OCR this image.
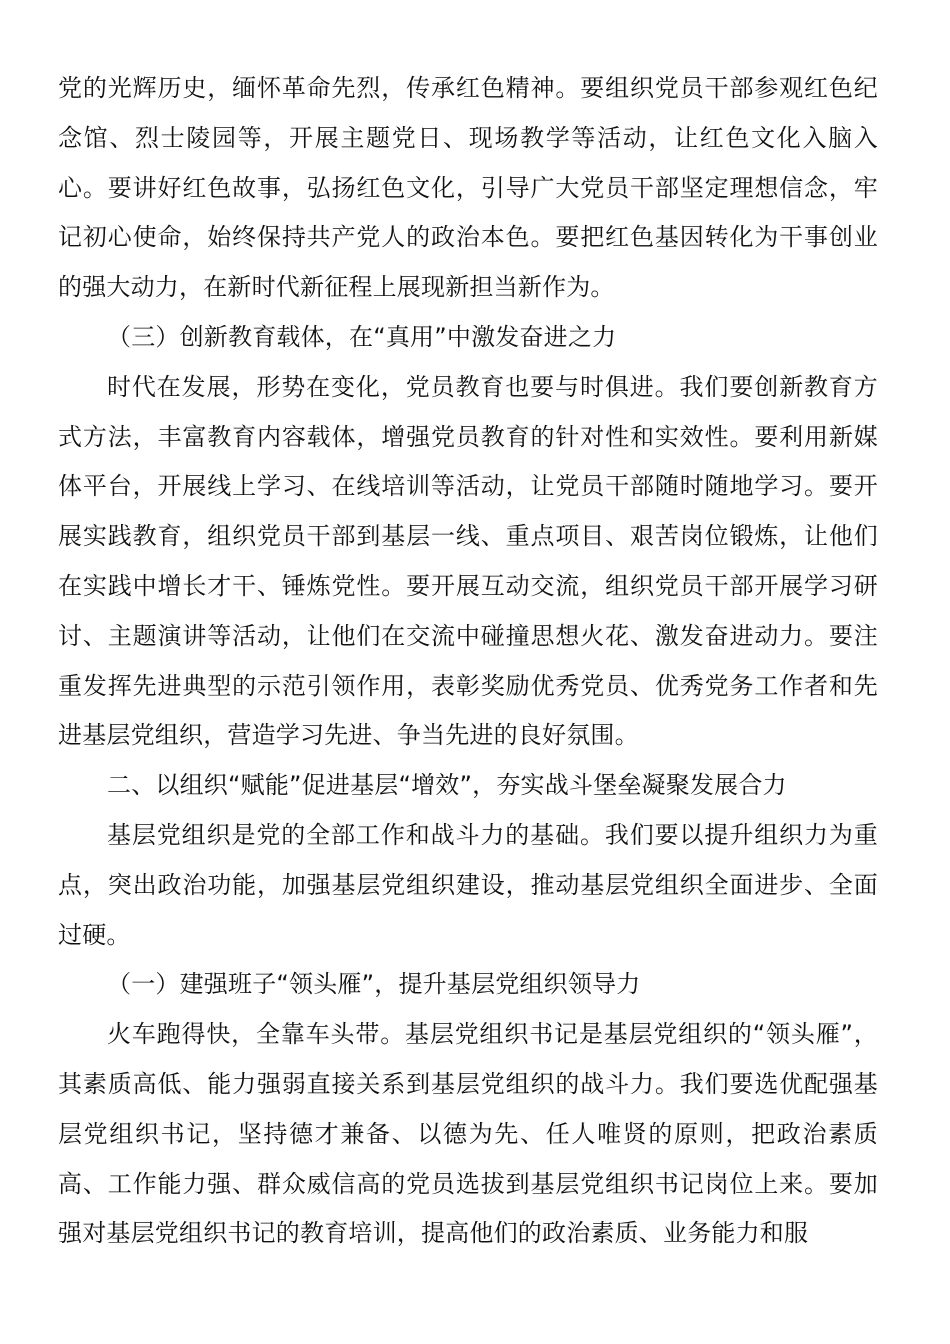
党的光辉历史，缅怀革命先烈，传承红色精神。要组织党员干部参观红色纪念馆、烈士陵园等，开展主题党日、现场教学等活动，让红色文化入脑入心。要讲好红色故事，弘扬红色文化，引导广大党员干部坚定理想信念，牢记初心使命，始终保持共产党人的政治本色。要把红色基因转化为干事创业的强大动力，在新时代新征程上展现新担当新作为。

（三）创新教育载体，在“真用”中激发奋进之力

时代在发展，形势在变化，党员教育也要与时俱进。我们要创新教育方式方法，丰富教育内容载体，增强党员教育的针对性和实效性。要利用新媒体平台，开展线上学习、在线培训等活动，让党员干部随时随地学习。要开展实践教育，组织党员干部到基层一线、重点项目、艰苦岗位锻炼，让他们在实践中增长才干、锤炼党性。要开展互动交流，组织党员干部开展学习研讨、主题演讲等活动，让他们在交流中碰撞思想火花、激发奋进动力。要注重发挥先进典型的示范引领作用，表彰奖励优秀党员、优秀党务工作者和先进基层党组织，营造学习先进、争当先进的良好氛围。

二、以组织“赋能”促进基层“增效”，夯实战斗堡垒凝聚发展合力

基层党组织是党的全部工作和战斗力的基础。我们要以提升组织力为重点，突出政治功能，加强基层党组织建设，推动基层党组织全面进步、全面过硬。

（一）建强班子“领头雁”，提升基层党组织领导力

火车跑得快，全靠车头带。基层党组织书记是基层党组织的“领头雁”，其素质高低、能力强弱直接关系到基层党组织的战斗力。我们要选优配强基层党组织书记，坚持德才兼备、以德为先、任人唯贤的原则，把政治素质高、工作能力强、群众威信高的党员选拔到基层党组织书记岗位上来。要加强对基层党组织书记的教育培训，提高他们的政治素质、业务能力和服
